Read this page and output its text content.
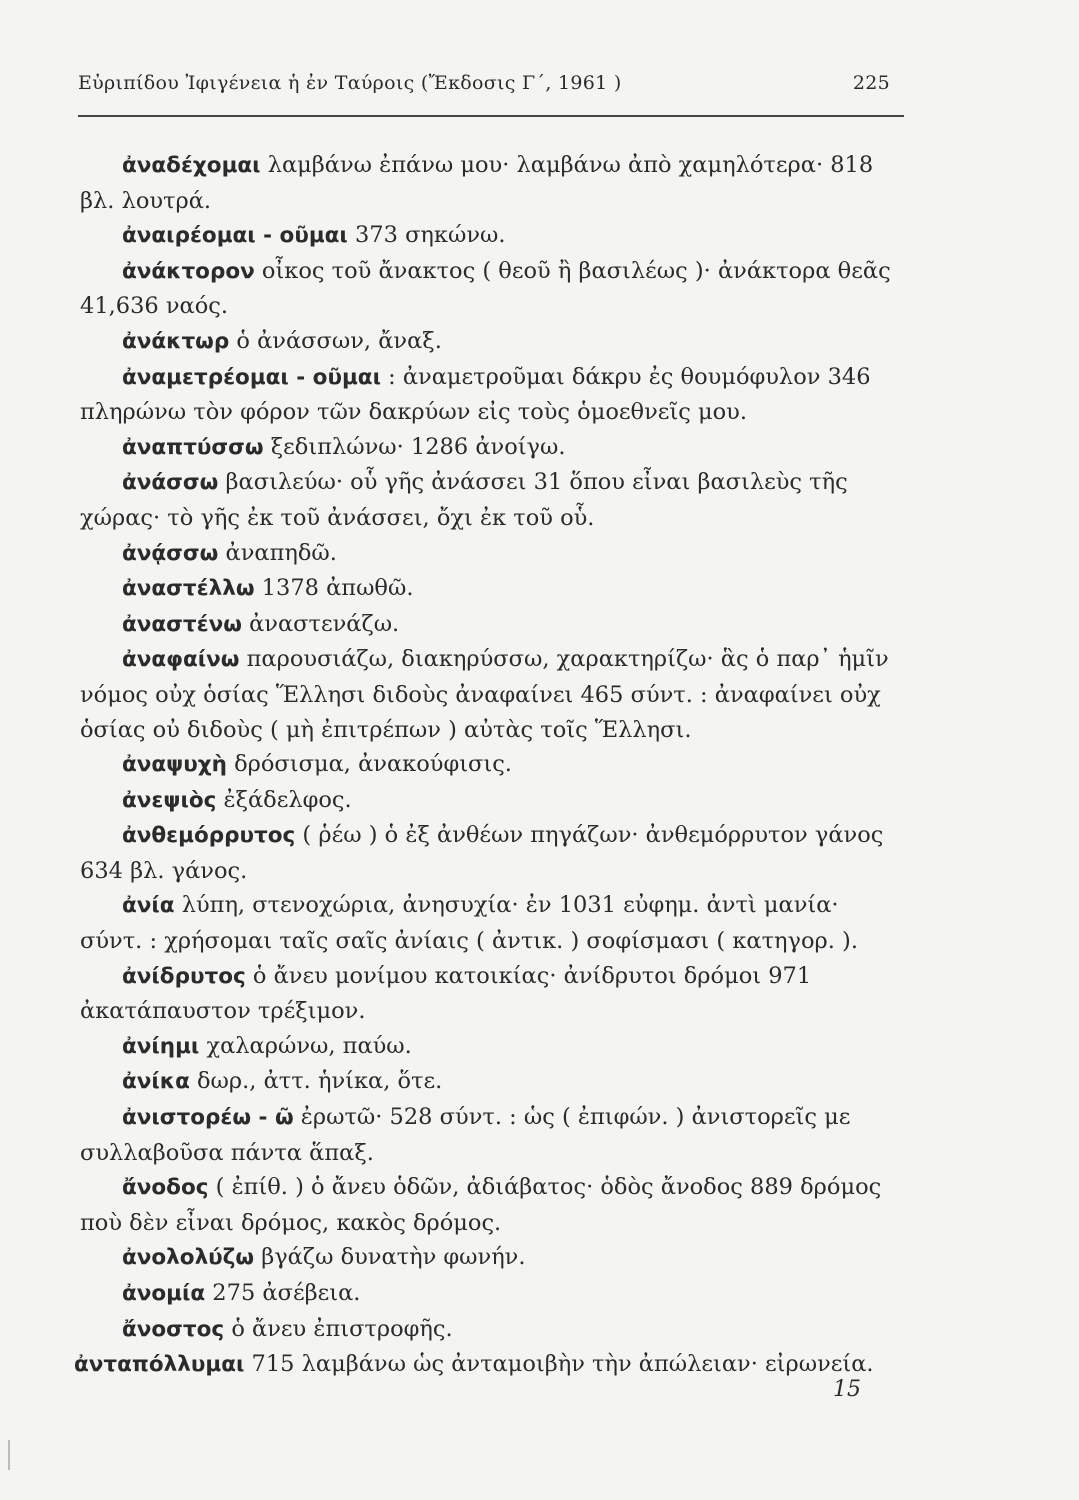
Εὐριπίδου Ἰφιγένεια ἡ ἐν Ταύροις (Ἔκδοσις Γ΄, 1961 )	225

ἀναδέχομαι λαμβάνω ἐπάνω μου· λαμβάνω ἀπὸ χαμηλότερα· 818 βλ. λουτρά.

ἀναιρέομαι - οῦμαι 373 σηκώνω.

ἀνάκτορον οἶκος τοῦ ἄνακτος ( θεοῦ ἢ βασιλέως )· ἀνάκτορα θεᾶς 41,636 ναός.

ἀνάκτωρ ὁ ἀνάσσων, ἄναξ.

ἀναμετρέομαι - οῦμαι : ἀναμετροῦμαι δάκρυ ἐς θουμόφυλον 346 πληρώνω τὸν φόρον τῶν δακρύων εἰς τοὺς ὁμοεθνεῖς μου.

ἀναπτύσσω ξεδιπλώνω· 1286 ἀνοίγω.

ἀνάσσω βασιλεύω· οὗ γῆς ἀνάσσει 31 ὅπου εἶναι βασιλεὺς τῆς χώρας· τὸ γῆς ἐκ τοῦ ἀνάσσει, ὄχι ἐκ τοῦ οὗ.

ἀνᾴσσω ἀναπηδῶ.

ἀναστέλλω 1378 ἀπωθῶ.

ἀναστένω ἀναστενάζω.

ἀναφαίνω παρουσιάζω, διακηρύσσω, χαρακτηρίζω· ἃς ὁ παρ᾽ ἡμῖν νόμος οὐχ ὁσίας Ἕλλησι διδοὺς ἀναφαίνει 465 σύντ. : ἀναφαίνει οὐχ ὁσίας οὐ διδοὺς ( μὴ ἐπιτρέπων ) αὐτὰς τοῖς Ἕλλησι.

ἀναψυχὴ δρόσισμα, ἀνακούφισις.

ἀνεψιὸς ἐξάδελφος.

ἀνθεμόρρυτος ( ῥέω ) ὁ ἐξ ἀνθέων πηγάζων· ἀνθεμόρρυτον γάνος 634 βλ. γάνος.

ἀνία λύπη, στενοχώρια, ἀνησυχία· ἐν 1031 εὐφημ. ἀντὶ μανία· σύντ. : χρήσομαι ταῖς σαῖς ἀνίαις ( ἀντικ. ) σοφίσμασι ( κατηγορ. ).

ἀνίδρυτος ὁ ἄνευ μονίμου κατοικίας· ἀνίδρυτοι δρόμοι 971 ἀκατάπαυστον τρέξιμον.

ἀνίημι χαλαρώνω, παύω.

ἀνίκα δωρ., ἀττ. ἡνίκα, ὅτε.

ἀνιστορέω - ῶ ἐρωτῶ· 528 σύντ. : ὡς ( ἐπιφών. ) ἀνιστορεῖς με συλλαβοῦσα πάντα ἅπαξ.

ἄνοδος ( ἐπίθ. ) ὁ ἄνευ ὁδῶν, ἀδιάβατος· ὁδὸς ἄνοδος 889 δρόμος ποὺ δὲν εἶναι δρόμος, κακὸς δρόμος.

ἀνολολύζω βγάζω δυνατὴν φωνήν.

ἀνομία 275 ἀσέβεια.

ἄνοστος ὁ ἄνευ ἐπιστροφῆς.

ἀνταπόλλυμαι 715 λαμβάνω ὡς ἀνταμοιβὴν τὴν ἀπώλειαν· εἰρωνεία.

15
